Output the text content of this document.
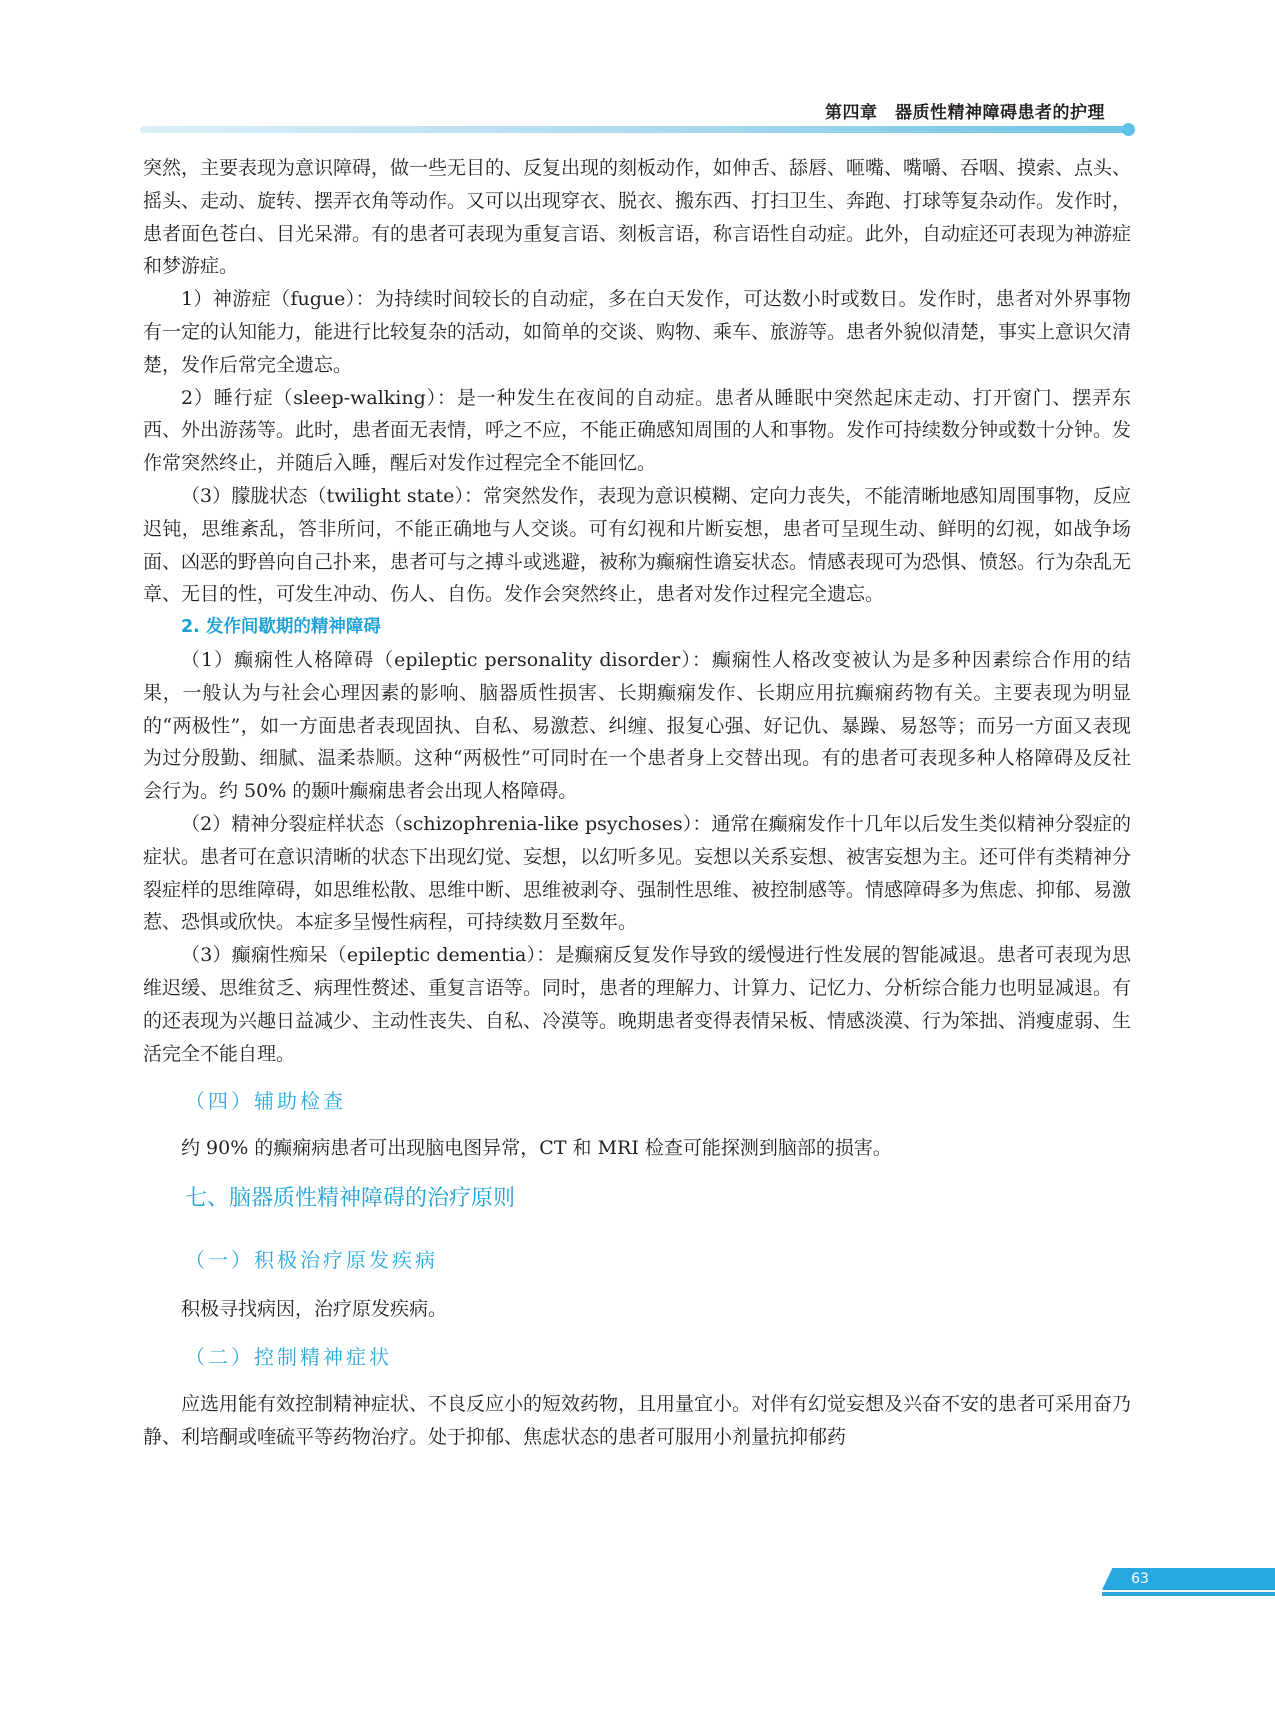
第四章　器质性精神障碍患者的护理

突然，主要表现为意识障碍，做一些无目的、反复出现的刻板动作，如伸舌、舔唇、咂嘴、嘴嚼、吞咽、摸索、点头、摇头、走动、旋转、摆弄衣角等动作。又可以出现穿衣、脱衣、搬东西、打扫卫生、奔跑、打球等复杂动作。发作时，患者面色苍白、目光呆滞。有的患者可表现为重复言语、刻板言语，称言语性自动症。此外，自动症还可表现为神游症和梦游症。

1）神游症（fugue）：为持续时间较长的自动症，多在白天发作，可达数小时或数日。发作时，患者对外界事物有一定的认知能力，能进行比较复杂的活动，如简单的交谈、购物、乘车、旅游等。患者外貌似清楚，事实上意识欠清楚，发作后常完全遗忘。

2）睡行症（sleep-walking）：是一种发生在夜间的自动症。患者从睡眠中突然起床走动、打开窗门、摆弄东西、外出游荡等。此时，患者面无表情，呼之不应，不能正确感知周围的人和事物。发作可持续数分钟或数十分钟。发作常突然终止，并随后入睡，醒后对发作过程完全不能回忆。

（3）朦胧状态（twilight state）：常突然发作，表现为意识模糊、定向力丧失，不能清晰地感知周围事物，反应迟钝，思维紊乱，答非所问，不能正确地与人交谈。可有幻视和片断妄想，患者可呈现生动、鲜明的幻视，如战争场面、凶恶的野兽向自己扑来，患者可与之搏斗或逃避，被称为癫痫性谵妄状态。情感表现可为恐惧、愤怒。行为杂乱无章、无目的性，可发生冲动、伤人、自伤。发作会突然终止，患者对发作过程完全遗忘。

2. 发作间歇期的精神障碍

（1）癫痫性人格障碍（epileptic personality disorder）：癫痫性人格改变被认为是多种因素综合作用的结果，一般认为与社会心理因素的影响、脑器质性损害、长期癫痫发作、长期应用抗癫痫药物有关。主要表现为明显的“两极性”，如一方面患者表现固执、自私、易激惹、纠缠、报复心强、好记仇、暴躁、易怒等；而另一方面又表现为过分殷勤、细腻、温柔恭顺。这种“两极性”可同时在一个患者身上交替出现。有的患者可表现多种人格障碍及反社会行为。约 50% 的颞叶癫痫患者会出现人格障碍。

（2）精神分裂症样状态（schizophrenia-like psychoses）：通常在癫痫发作十几年以后发生类似精神分裂症的症状。患者可在意识清晰的状态下出现幻觉、妄想，以幻听多见。妄想以关系妄想、被害妄想为主。还可伴有类精神分裂症样的思维障碍，如思维松散、思维中断、思维被剥夺、强制性思维、被控制感等。情感障碍多为焦虑、抑郁、易激惹、恐惧或欣快。本症多呈慢性病程，可持续数月至数年。

（3）癫痫性痴呆（epileptic dementia）：是癫痫反复发作导致的缓慢进行性发展的智能减退。患者可表现为思维迟缓、思维贫乏、病理性赘述、重复言语等。同时，患者的理解力、计算力、记忆力、分析综合能力也明显减退。有的还表现为兴趣日益减少、主动性丧失、自私、冷漠等。晚期患者变得表情呆板、情感淡漠、行为笨拙、消瘦虚弱、生活完全不能自理。

（四）辅助检查

约 90% 的癫痫病患者可出现脑电图异常，CT 和 MRI 检查可能探测到脑部的损害。

七、脑器质性精神障碍的治疗原则
（一）积极治疗原发疾病

积极寻找病因，治疗原发疾病。

（二）控制精神症状

应选用能有效控制精神症状、不良反应小的短效药物，且用量宜小。对伴有幻觉妄想及兴奋不安的患者可采用奋乃静、利培酮或喹硫平等药物治疗。处于抑郁、焦虑状态的患者可服用小剂量抗抑郁药

63
